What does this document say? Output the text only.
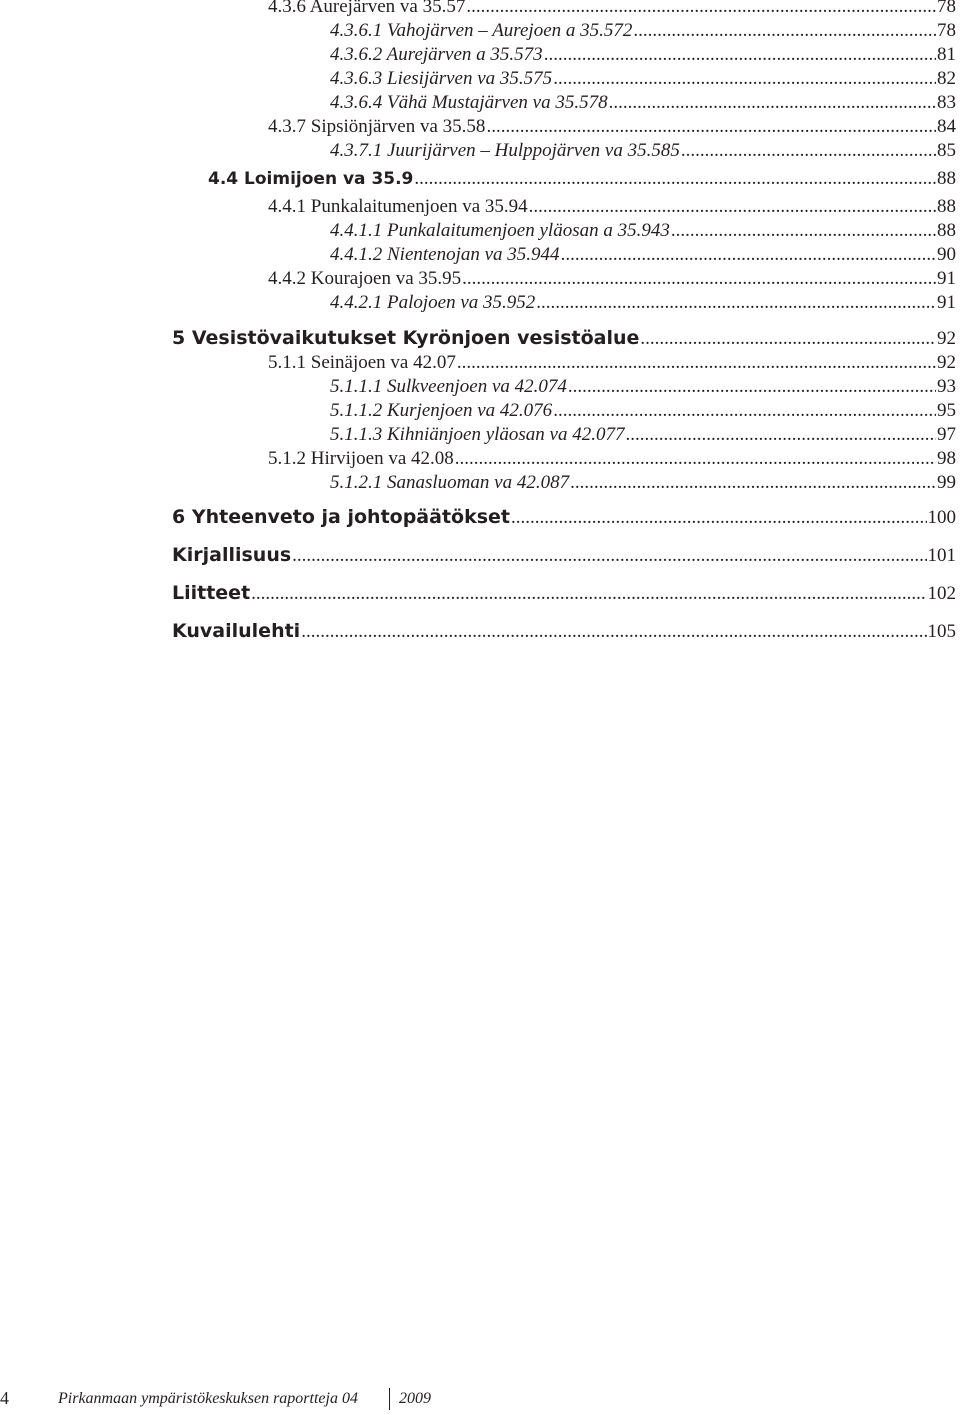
4.3.6 Aurejärven va 35.57 .....	78
4.3.6.1 Vahojärven – Aurejoen a 35.572 .....	78
4.3.6.2 Aurejärven a 35.573 .....	81
4.3.6.3 Liesijärven va 35.575 .....	82
4.3.6.4 Vähä Mustajärven va 35.578 .....	83
4.3.7 Sipsiönjärven va 35.58 .....	84
4.3.7.1 Juurijärven – Hulppojärven va 35.585 .....	85
4.4 Loimijoen va 35.9 .....	88
4.4.1 Punkalaitumenjoen va 35.94 .....	88
4.4.1.1 Punkalaitumenjoen yläosan a 35.943 .....	88
4.4.1.2 Nientenojan va 35.944 .....	90
4.4.2 Kourajoen va 35.95 .....	91
4.4.2.1 Palojoen va 35.952 .....	91
5 Vesistövaikutukset Kyrönjoen vesistöalue .....	92
5.1.1 Seinäjoen va 42.07 .....	92
5.1.1.1 Sulkveenjoen va 42.074 .....	93
5.1.1.2 Kurjenjoen va 42.076 .....	95
5.1.1.3 Kihniänjoen yläosan va 42.077 .....	97
5.1.2 Hirvijoen va 42.08 .....	98
5.1.2.1 Sanasluoman va 42.087 .....	99
6 Yhteenveto ja johtopäätökset .....	100
Kirjallisuus .....	101
Liitteet .....	102
Kuvailulehti .....	105
4	Pirkanmaan ympäristökeskuksen raportteja 04	2009
